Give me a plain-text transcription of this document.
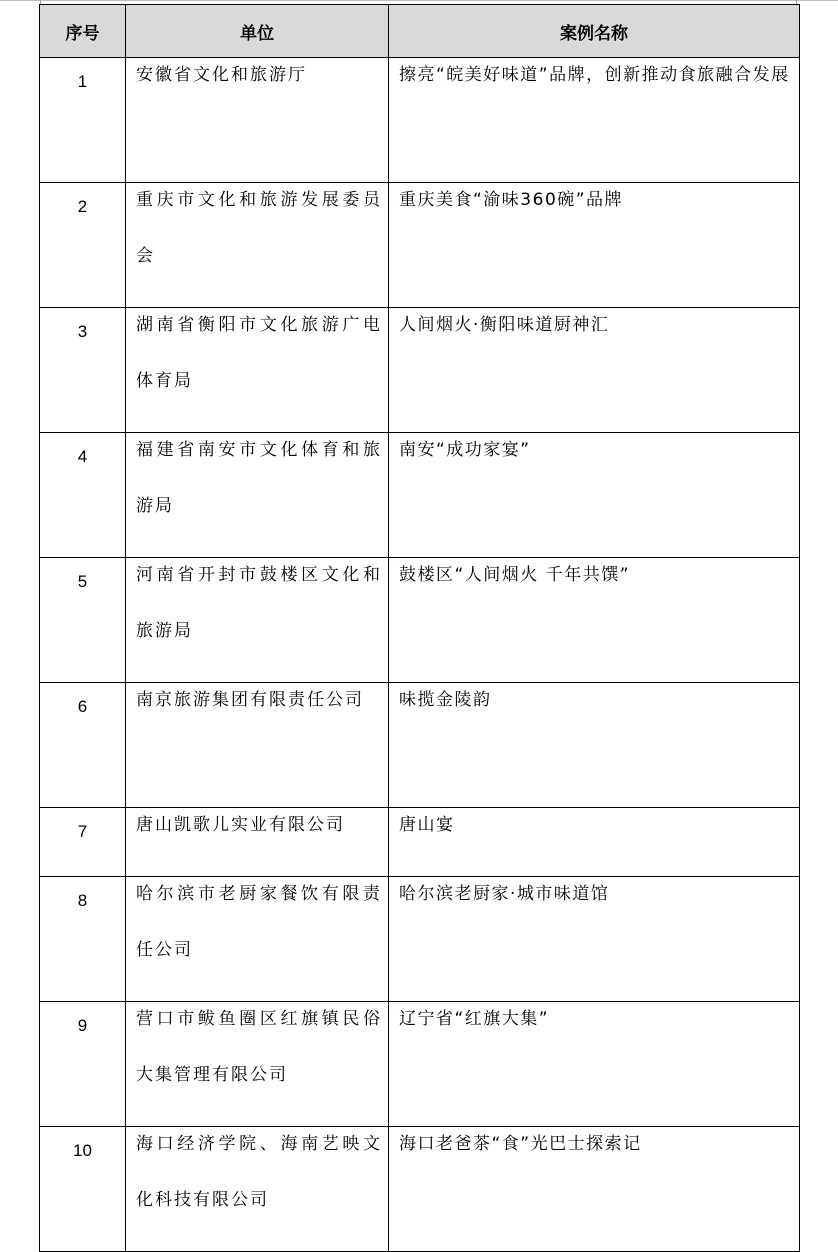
序号	单位	案例名称
1	安徽省文化和旅游厅	擦亮“皖美好味道”品牌，创新推动食旅融合发展

2	重庆市文化和旅游发展委员会	重庆美食“渝味360碗”品牌

3	湖南省衡阳市文化旅游广电体育局	人间烟火·衡阳味道厨神汇

4	福建省南安市文化体育和旅游局	南安“成功家宴”

5	河南省开封市鼓楼区文化和旅游局	鼓楼区“人间烟火 千年共馔”

6	南京旅游集团有限责任公司	味揽金陵韵

7	唐山凯歌儿实业有限公司	唐山宴

8	哈尔滨市老厨家餐饮有限责任公司	哈尔滨老厨家·城市味道馆

9	营口市鲅鱼圈区红旗镇民俗大集管理有限公司	辽宁省“红旗大集”

10	海口经济学院、海南艺映文化科技有限公司	海口老爸茶“食”光巴士探索记
